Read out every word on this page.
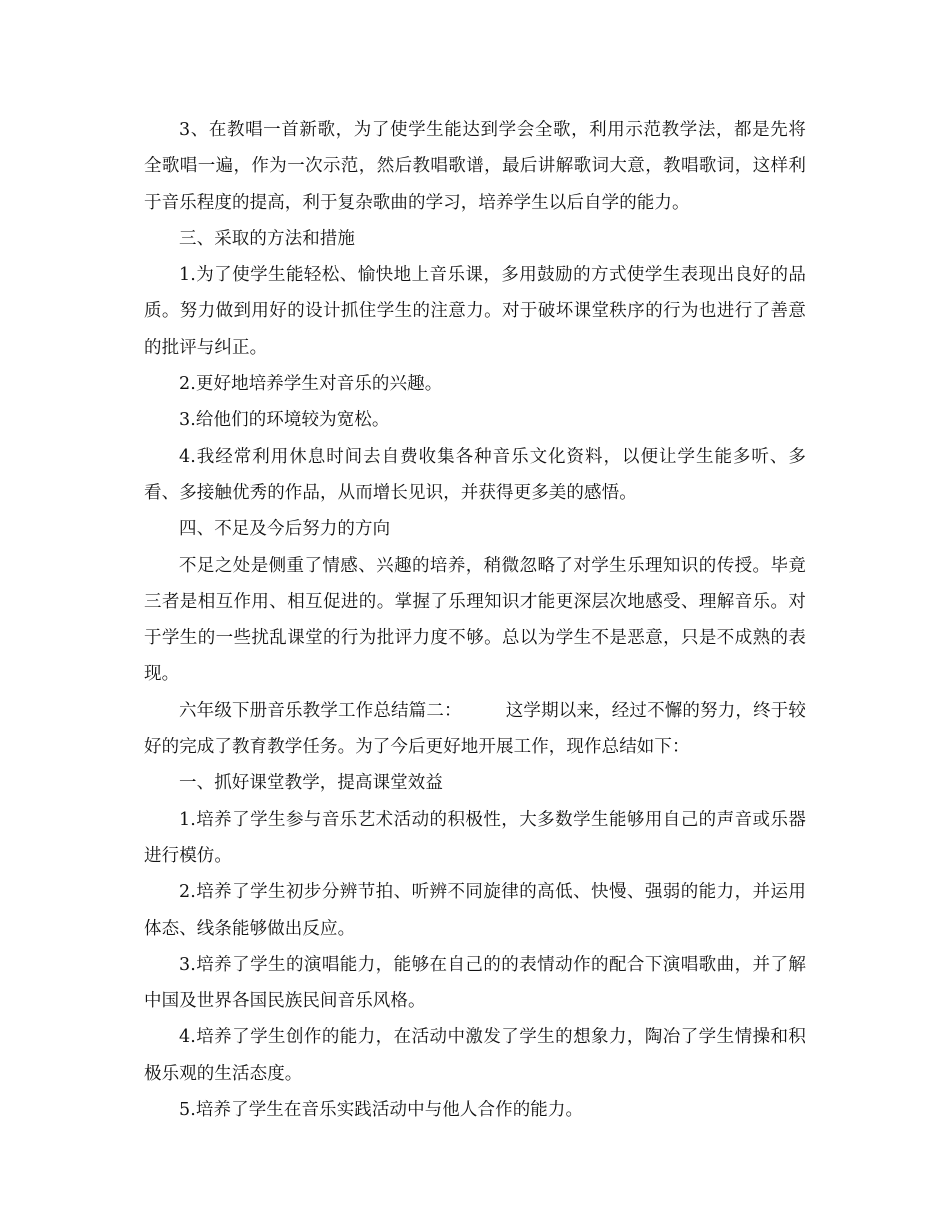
3、在教唱一首新歌，为了使学生能达到学会全歌，利用示范教学法，都是先将全歌唱一遍，作为一次示范，然后教唱歌谱，最后讲解歌词大意，教唱歌词，这样利于音乐程度的提高，利于复杂歌曲的学习，培养学生以后自学的能力。

三、采取的方法和措施

1.为了使学生能轻松、愉快地上音乐课，多用鼓励的方式使学生表现出良好的品质。努力做到用好的设计抓住学生的注意力。对于破坏课堂秩序的行为也进行了善意的批评与纠正。

2.更好地培养学生对音乐的兴趣。

3.给他们的环境较为宽松。

4.我经常利用休息时间去自费收集各种音乐文化资料，以便让学生能多听、多看、多接触优秀的作品，从而增长见识，并获得更多美的感悟。

四、不足及今后努力的方向

不足之处是侧重了情感、兴趣的培养，稍微忽略了对学生乐理知识的传授。毕竟三者是相互作用、相互促进的。掌握了乐理知识才能更深层次地感受、理解音乐。对于学生的一些扰乱课堂的行为批评力度不够。总以为学生不是恶意，只是不成熟的表现。

六年级下册音乐教学工作总结篇二：	这学期以来，经过不懈的努力，终于较好的完成了教育教学任务。为了今后更好地开展工作，现作总结如下：

一、抓好课堂教学，提高课堂效益

1.培养了学生参与音乐艺术活动的积极性，大多数学生能够用自己的声音或乐器进行模仿。

2.培养了学生初步分辨节拍、听辨不同旋律的高低、快慢、强弱的能力，并运用体态、线条能够做出反应。

3.培养了学生的演唱能力，能够在自己的的表情动作的配合下演唱歌曲，并了解中国及世界各国民族民间音乐风格。

4.培养了学生创作的能力，在活动中激发了学生的想象力，陶冶了学生情操和积极乐观的生活态度。

5.培养了学生在音乐实践活动中与他人合作的能力。
